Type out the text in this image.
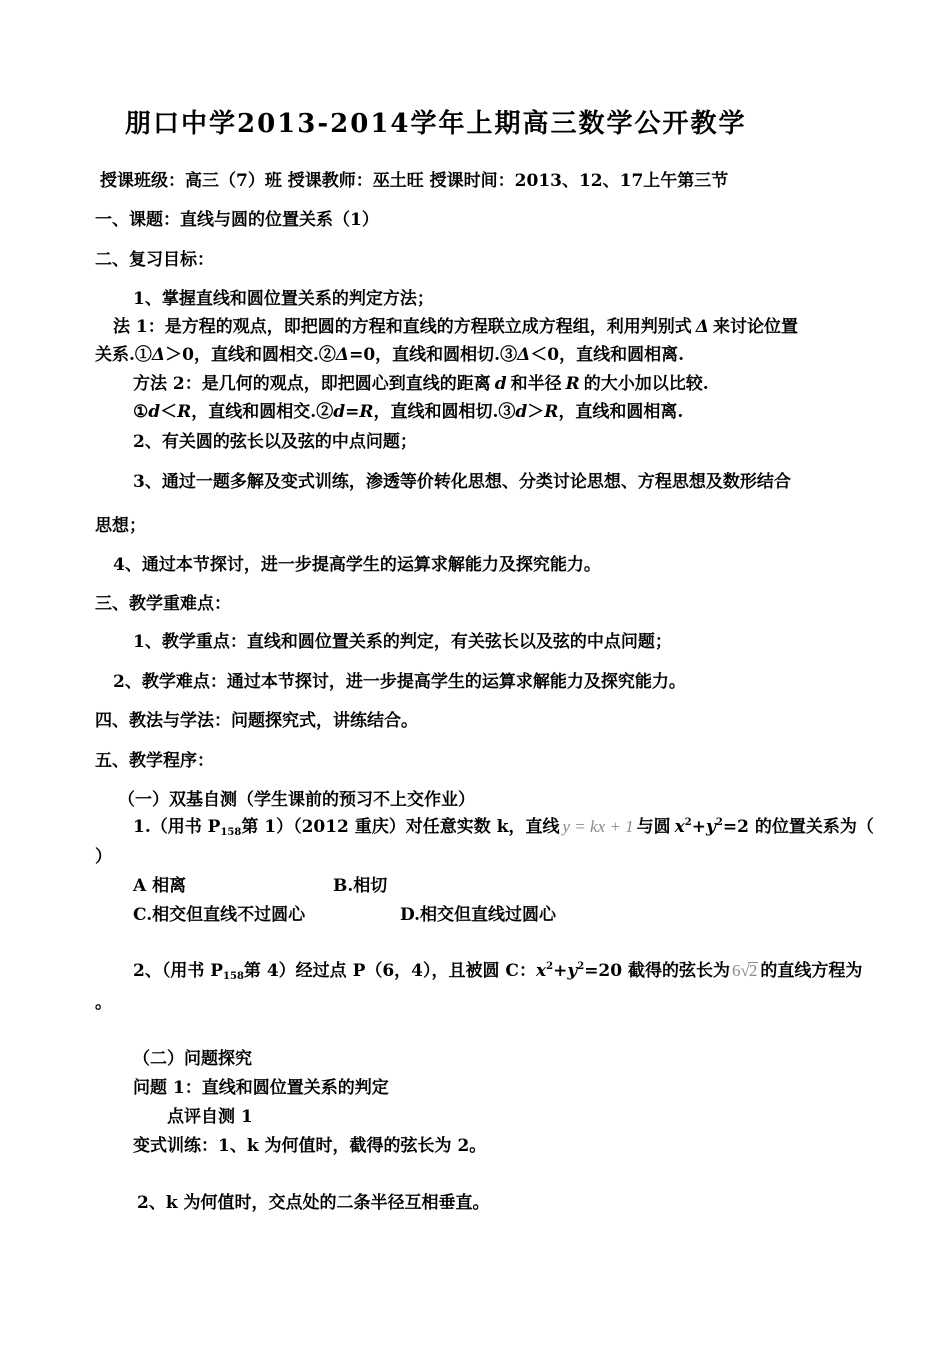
朋口中学2013-2014学年上期高三数学公开教学
授课班级：高三（7）班 授课教师：巫土旺 授课时间：2013、12、17上午第三节
一、课题：直线与圆的位置关系（1）
二、复习目标：
1、掌握直线和圆位置关系的判定方法；
法 1：是方程的观点，即把圆的方程和直线的方程联立成方程组，利用判别式 Δ 来讨论位置
关系.①Δ＞0，直线和圆相交.②Δ=0，直线和圆相切.③Δ＜0，直线和圆相离.
方法 2：是几何的观点，即把圆心到直线的距离 d 和半径 R 的大小加以比较.
①d＜R，直线和圆相交.②d=R，直线和圆相切.③d＞R，直线和圆相离.
2、有关圆的弦长以及弦的中点问题；
3、通过一题多解及变式训练，渗透等价转化思想、分类讨论思想、方程思想及数形结合
思想；
4、通过本节探讨，进一步提高学生的运算求解能力及探究能力。
三、教学重难点：
1、教学重点：直线和圆位置关系的判定，有关弦长以及弦的中点问题；
2、教学难点：通过本节探讨，进一步提高学生的运算求解能力及探究能力。
四、教法与学法：问题探究式，讲练结合。
五、教学程序：
（一）双基自测（学生课前的预习不上交作业）
1.（用书 $P_{158}$第 1）（2012 重庆）对任意实数 k，直线 y = kx + 1 与圆 $x^2+y^2=2$ 的位置关系为（
）
A 相离	B.相切
C.相交但直线不过圆心	D.相交但直线过圆心
2、（用书 $P_{158}$第 4）经过点 P（6，4），且被圆 C：$x^2+y^2=20$ 截得的弦长为 6√2 的直线方程为
。
（二）问题探究
问题 1：直线和圆位置关系的判定
点评自测 1
变式训练：1、k 为何值时，截得的弦长为 2。
2、k 为何值时，交点处的二条半径互相垂直。
